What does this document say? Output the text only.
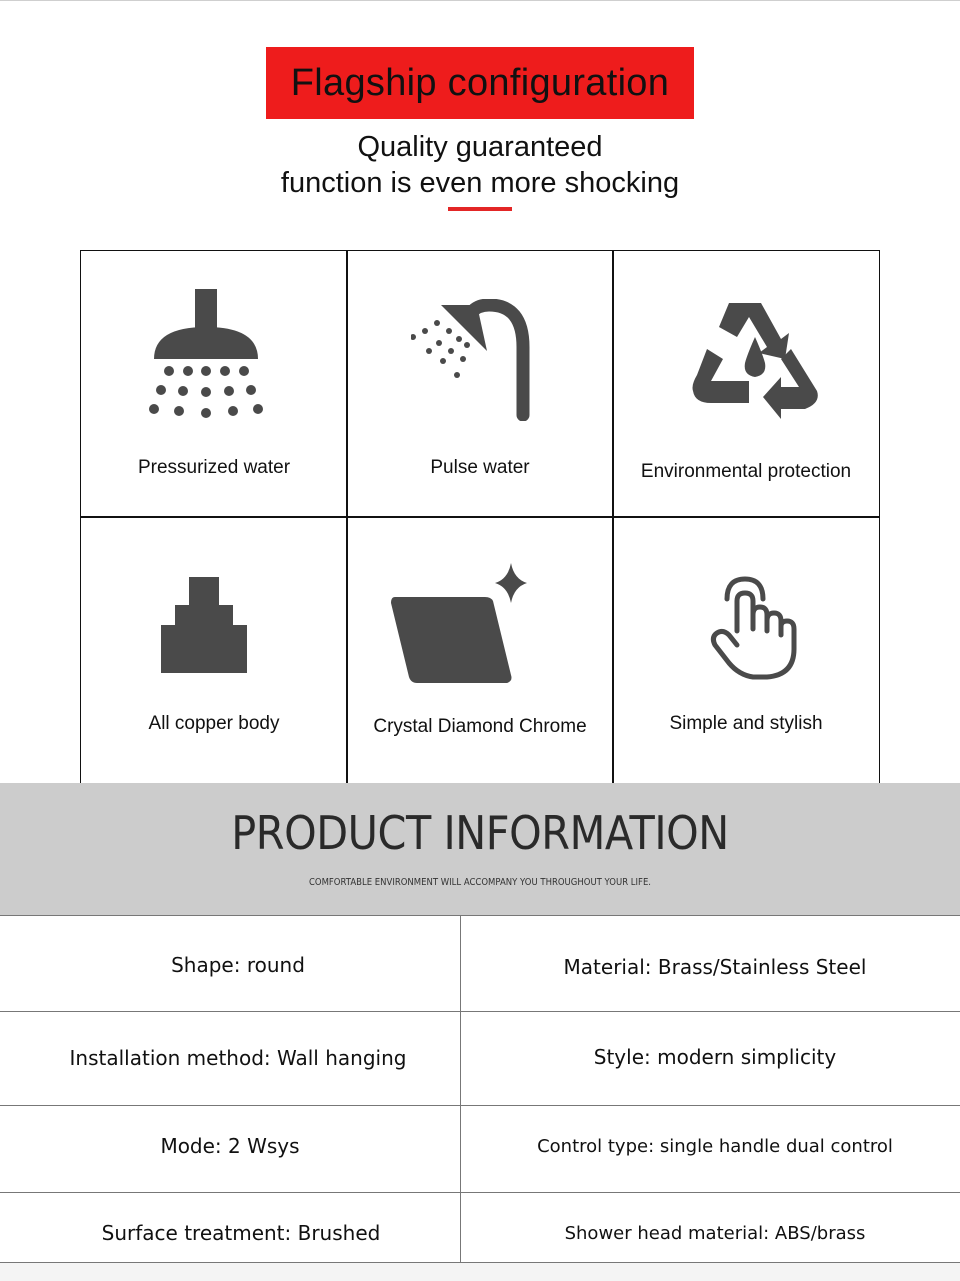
Flagship configuration
Quality guaranteed
function is even more shocking
Pressurized water	Pulse water	Environmental protection
All copper body	Crystal Diamond Chrome	Simple and stylish
PRODUCT INFORMATION
COMFORTABLE ENVIRONMENT WILL ACCOMPANY YOU THROUGHOUT YOUR LIFE.
Shape: round	Material: Brass/Stainless Steel
Installation method: Wall hanging	Style: modern simplicity
Mode: 2 Wsys	Control type: single handle dual control
Surface treatment: Brushed	Shower head material: ABS/brass
